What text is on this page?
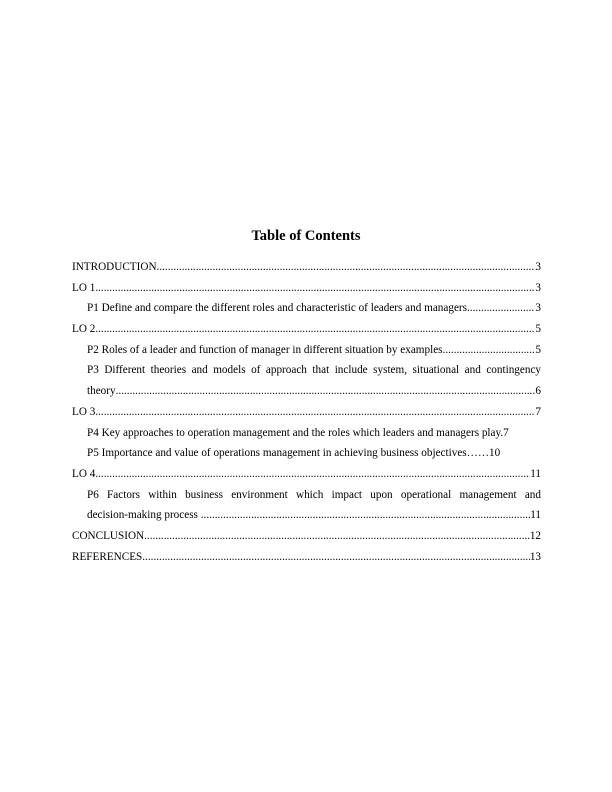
Table of Contents
INTRODUCTION .....	3
LO 1 .....	3
P1 Define and compare the different roles and characteristic of leaders and managers .....	3
LO 2 .....	5
P2 Roles of a leader and function of manager in different situation by examples .....	5
P3 Different theories and models of approach that include system, situational and contingency
theory .....	6
LO 3 .....	7
P4 Key approaches to operation management and the roles which leaders and managers play. 7
P5 Importance and value of operations management in achieving business objectives…… 10
LO 4 .....	11
P6 Factors within business environment which impact upon operational management and
decision-making process .....	11
CONCLUSION .....	12
REFERENCES .....	13
